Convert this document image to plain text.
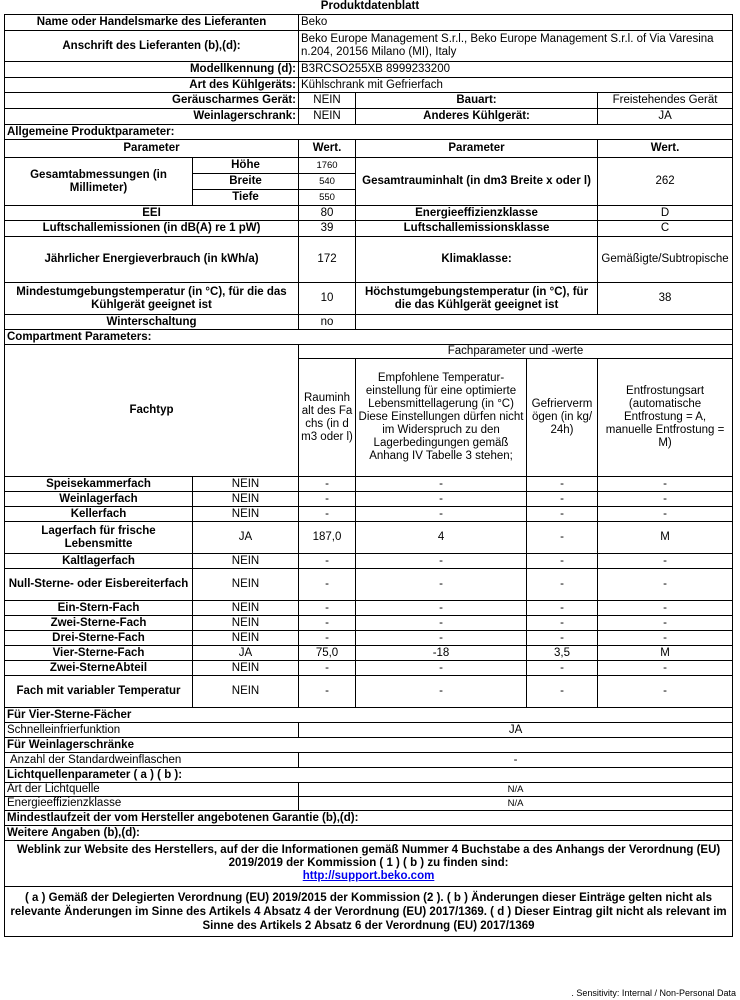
Produktdatenblatt
Name oder Handelsmarke des Lieferanten		Beko			
Anschrift des Lieferanten (b),(d):		Beko Europe Management S.r.l., Beko Europe Management S.r.l. of Via Varesina n.204, 20156 Milano (MI), Italy			
Modellkennung (d):		B3RCSO255XB 8999233200			
Art des Kühlgeräts:		Kühlschrank mit Gefrierfach			
Geräuscharmes Gerät:		NEIN	Bauart:		Freistehendes Gerät
Weinlagerschrank:		NEIN	Anderes Kühlgerät:		JA
Allgemeine Produktparameter:					
Parameter		Wert.	Parameter		Wert.
Gesamtabmessungen (in Millimeter)	Höhe	1760	Gesamtrauminhalt (in dm3 Breite x oder l)		262
	Breite	540			
	Tiefe	550			
EEI		80	Energieeffizienzklasse		D
Luftschallemissionen (in dB(A) re 1 pW)		39	Luftschallemissionsklasse		C
Jährlicher Energieverbrauch (in kWh/a)		172	Klimaklasse:		Gemäßigte/Subtropische
Mindestumgebungstemperatur (in °C), für die das Kühlgerät geeignet ist		10	Höchstumgebungstemperatur (in °C), für die das Kühlgerät geeignet ist		38
Winterschaltung		no			
Compartment Parameters:					
Fachtyp		Fachparameter und -werte			
		Rauminhalt des Fachs (in dm3 oder l)	Empfohlene Temperatur-einstellung für eine optimierte Lebensmittellagerung (in °C) Diese Einstellungen dürfen nicht im Widerspruch zu den Lagerbedingungen gemäß Anhang IV Tabelle 3 stehen;	Gefriervermögen (in kg/24h)	Entfrostungsart (automatische Entfrostung = A, manuelle Entfrostung = M)
Speisekammerfach	NEIN	-	-	-	-
Weinlagerfach	NEIN	-	-	-	-
Kellerfach	NEIN	-	-	-	-
Lagerfach für frische Lebensmitte	JA	187,0	4	-	M
Kaltlagerfach	NEIN	-	-	-	-
Null-Sterne- oder Eisbereiterfach	NEIN	-	-	-	-
Ein-Stern-Fach	NEIN	-	-	-	-
Zwei-Sterne-Fach	NEIN	-	-	-	-
Drei-Sterne-Fach	NEIN	-	-	-	-
Vier-Sterne-Fach	JA	75,0	-18	3,5	M
Zwei-SterneAbteil	NEIN	-	-	-	-
Fach mit variabler Temperatur	NEIN	-	-	-	-
Für Vier-Sterne-Fächer					
Schnelleinfrierfunktion		JA			
Für Weinlagerschränke					
Anzahl der Standardweinflaschen		-			
Lichtquellenparameter ( a ) ( b ):					
Art der Lichtquelle		N/A			
Energieeffizienzklasse		N/A			
Mindestlaufzeit der vom Hersteller angebotenen Garantie (b),(d):					
Weitere Angaben (b),(d):					

Weblink zur Website des Herstellers, auf der die Informationen gemäß Nummer 4 Buchstabe a des Anhangs der Verordnung (EU) 2019/2019 der Kommission ( 1 ) ( b ) zu finden sind:
http://support.beko.com					
( a ) Gemäß der Delegierten Verordnung (EU) 2019/2015 der Kommission (2 ). ( b ) Änderungen dieser Einträge gelten nicht als relevante Änderungen im Sinne des Artikels 4 Absatz 4 der Verordnung (EU) 2017/1369. ( d ) Dieser Eintrag gilt nicht als relevant im Sinne des Artikels 2 Absatz 6 der Verordnung (EU) 2017/1369					
. Sensitivity: Internal / Non-Personal Data
